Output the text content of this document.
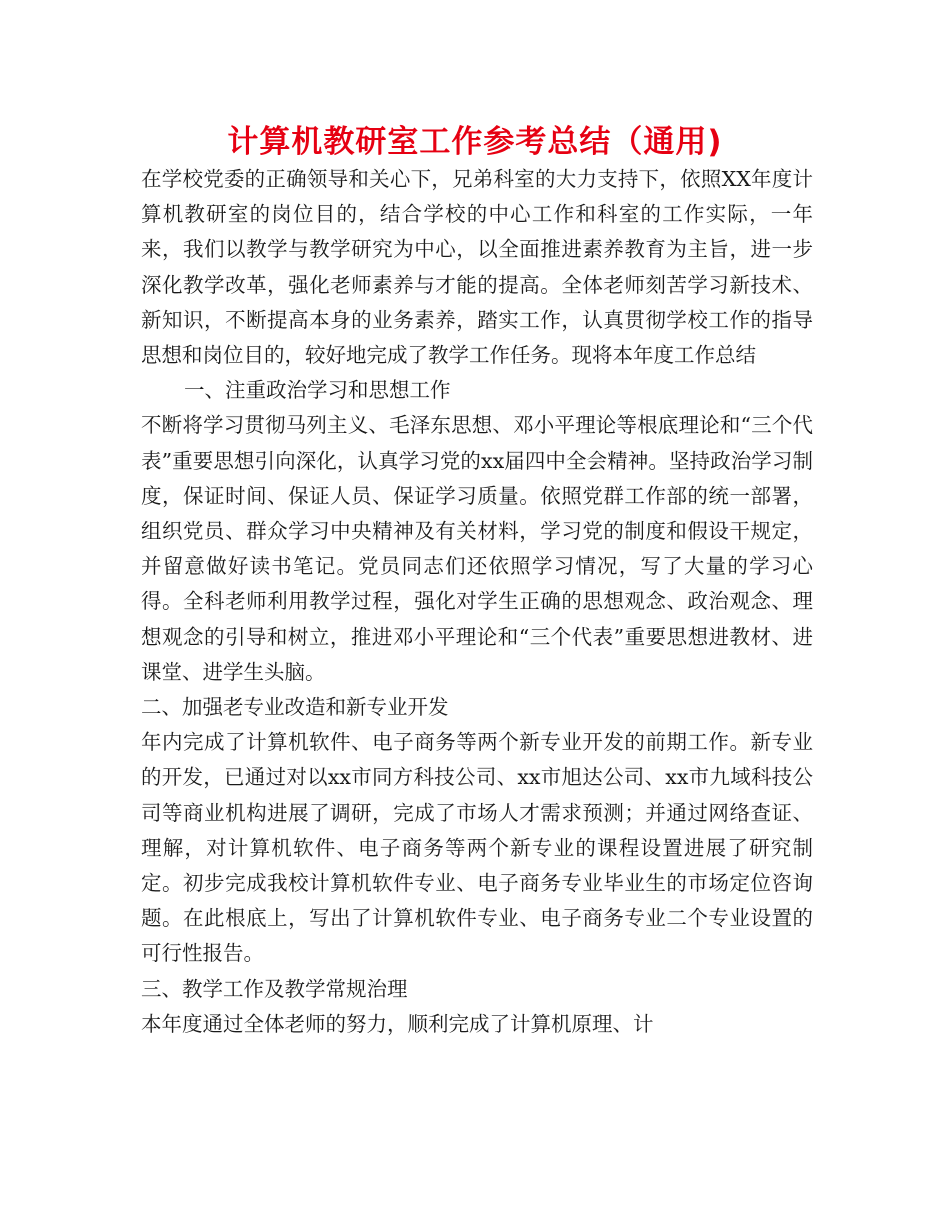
计算机教研室工作参考总结（通用)

在学校党委的正确领导和关心下，兄弟科室的大力支持下，依照XX年度计算机教研室的岗位目的，结合学校的中心工作和科室的工作实际，一年来，我们以教学与教学研究为中心，以全面推进素养教育为主旨，进一步深化教学改革，强化老师素养与才能的提高。全体老师刻苦学习新技术、新知识，不断提高本身的业务素养，踏实工作，认真贯彻学校工作的指导思想和岗位目的，较好地完成了教学工作任务。现将本年度工作总结

一、注重政治学习和思想工作

不断将学习贯彻马列主义、毛泽东思想、邓小平理论等根底理论和“三个代表”重要思想引向深化，认真学习党的xx届四中全会精神。坚持政治学习制度，保证时间、保证人员、保证学习质量。依照党群工作部的统一部署，组织党员、群众学习中央精神及有关材料，学习党的制度和假设干规定，并留意做好读书笔记。党员同志们还依照学习情况，写了大量的学习心得。全科老师利用教学过程，强化对学生正确的思想观念、政治观念、理想观念的引导和树立，推进邓小平理论和“三个代表”重要思想进教材、进课堂、进学生头脑。

二、加强老专业改造和新专业开发

年内完成了计算机软件、电子商务等两个新专业开发的前期工作。新专业的开发，已通过对以xx市同方科技公司、xx市旭达公司、xx市九域科技公司等商业机构进展了调研，完成了市场人才需求预测；并通过网络查证、理解，对计算机软件、电子商务等两个新专业的课程设置进展了研究制定。初步完成我校计算机软件专业、电子商务专业毕业生的市场定位咨询题。在此根底上，写出了计算机软件专业、电子商务专业二个专业设置的可行性报告。

三、教学工作及教学常规治理

本年度通过全体老师的努力，顺利完成了计算机原理、计
